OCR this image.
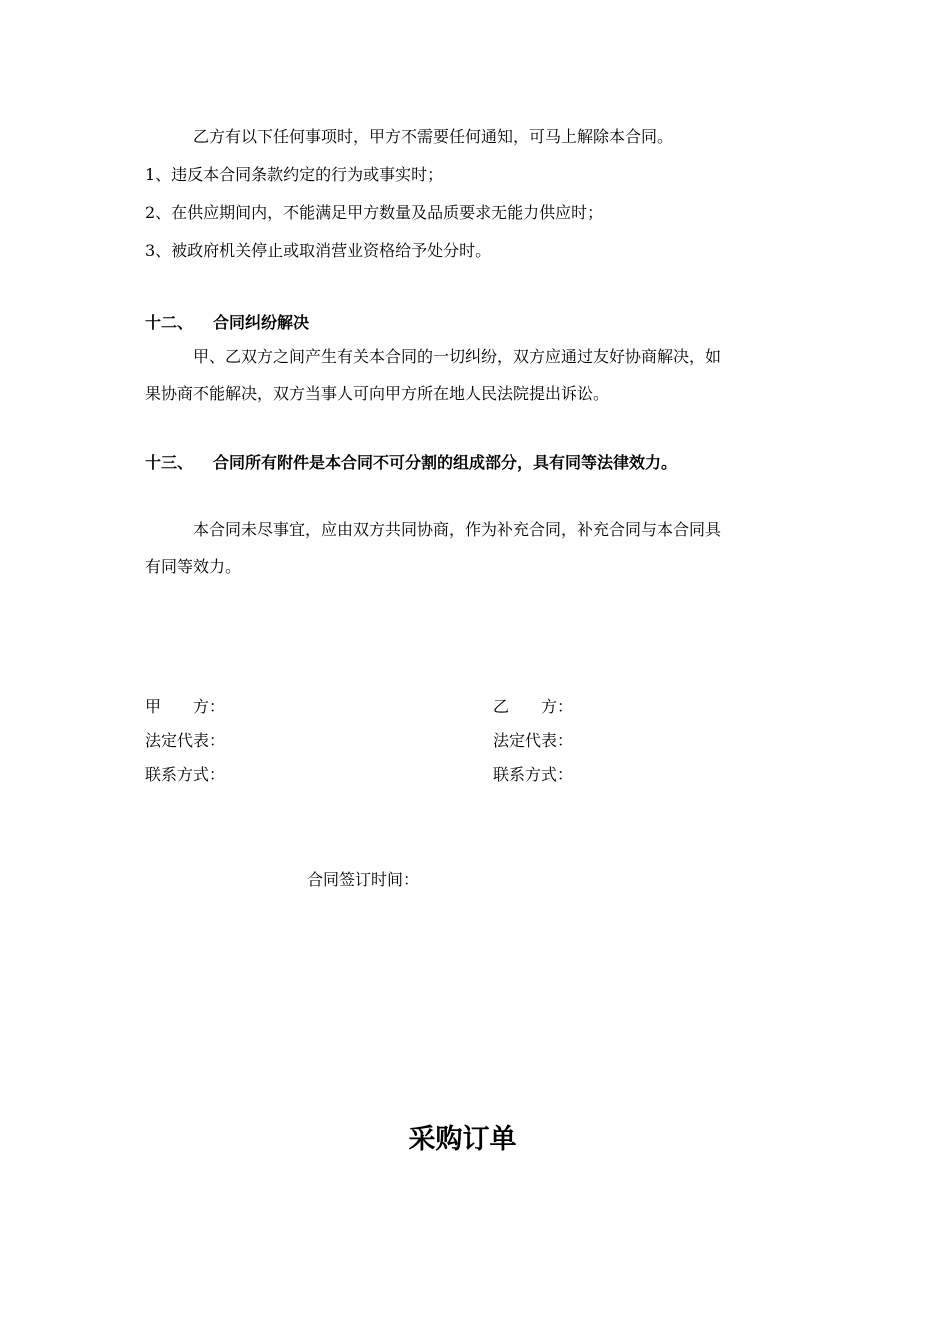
乙方有以下任何事项时，甲方不需要任何通知，可马上解除本合同。
1、违反本合同条款约定的行为或事实时；
2、在供应期间内，不能满足甲方数量及品质要求无能力供应时；
3、被政府机关停止或取消营业资格给予处分时。
十二、 合同纠纷解决
甲、乙双方之间产生有关本合同的一切纠纷，双方应通过友好协商解决，如
果协商不能解决，双方当事人可向甲方所在地人民法院提出诉讼。
十三、 合同所有附件是本合同不可分割的组成部分，具有同等法律效力。
本合同未尽事宜，应由双方共同协商，作为补充合同，补充合同与本合同具
有同等效力。
甲　　方：	乙　　方：
法定代表：	法定代表：
联系方式：	联系方式：
合同签订时间：
采购订单
